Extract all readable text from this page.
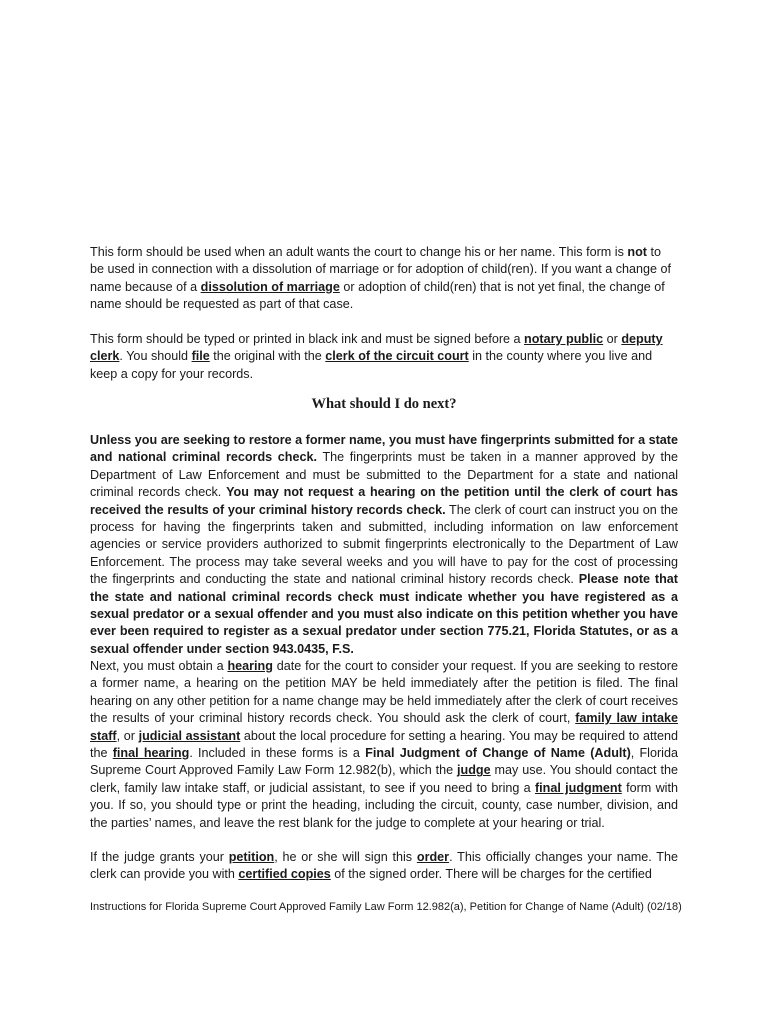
This form should be used when an adult wants the court to change his or her name. This form is not to be used in connection with a dissolution of marriage or for adoption of child(ren). If you want a change of name because of a dissolution of marriage or adoption of child(ren) that is not yet final, the change of name should be requested as part of that case.

This form should be typed or printed in black ink and must be signed before a notary public or deputy clerk. You should file the original with the clerk of the circuit court in the county where you live and keep a copy for your records.

What should I do next?

Unless you are seeking to restore a former name, you must have fingerprints submitted for a state and national criminal records check. The fingerprints must be taken in a manner approved by the Department of Law Enforcement and must be submitted to the Department for a state and national criminal records check. You may not request a hearing on the petition until the clerk of court has received the results of your criminal history records check. The clerk of court can instruct you on the process for having the fingerprints taken and submitted, including information on law enforcement agencies or service providers authorized to submit fingerprints electronically to the Department of Law Enforcement. The process may take several weeks and you will have to pay for the cost of processing the fingerprints and conducting the state and national criminal history records check. Please note that the state and national criminal records check must indicate whether you have registered as a sexual predator or a sexual offender and you must also indicate on this petition whether you have ever been required to register as a sexual predator under section 775.21, Florida Statutes, or as a sexual offender under section 943.0435, F.S.

Next, you must obtain a hearing date for the court to consider your request. If you are seeking to restore a former name, a hearing on the petition MAY be held immediately after the petition is filed. The final hearing on any other petition for a name change may be held immediately after the clerk of court receives the results of your criminal history records check. You should ask the clerk of court, family law intake staff, or judicial assistant about the local procedure for setting a hearing. You may be required to attend the final hearing. Included in these forms is a Final Judgment of Change of Name (Adult), Florida Supreme Court Approved Family Law Form 12.982(b), which the judge may use. You should contact the clerk, family law intake staff, or judicial assistant, to see if you need to bring a final judgment form with you. If so, you should type or print the heading, including the circuit, county, case number, division, and the parties’ names, and leave the rest blank for the judge to complete at your hearing or trial.

If the judge grants your petition, he or she will sign this order. This officially changes your name. The clerk can provide you with certified copies of the signed order. There will be charges for the certified

Instructions for Florida Supreme Court Approved Family Law Form 12.982(a), Petition for Change of Name (Adult) (02/18)
